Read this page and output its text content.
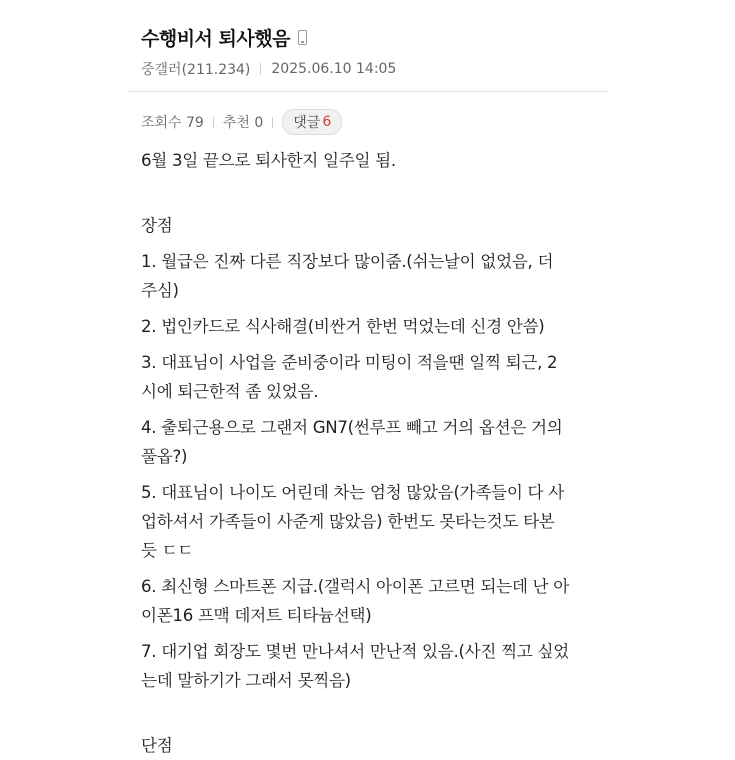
수행비서 퇴사했음
중갤러(211.234) 2025.06.10 14:05
조회수 79 추천 0 댓글 6
6월 3일 끝으로 퇴사한지 일주일 됨.
장점
1. 월급은 진짜 다른 직장보다 많이줌.(쉬는날이 없었음, 더
주심)
2. 법인카드로 식사해결(비싼거 한번 먹었는데 신경 안씀)
3. 대표님이 사업을 준비중이라 미팅이 적을땐 일찍 퇴근, 2
시에 퇴근한적 좀 있었음.
4. 출퇴근용으로 그랜저 GN7(썬루프 빼고 거의 옵션은 거의
풀옵?)
5. 대표님이 나이도 어린데 차는 엄청 많았음(가족들이 다 사
업하셔서 가족들이 사준게 많았음) 한번도 못타는것도 타본
듯 ㄷㄷ
6. 최신형 스마트폰 지급.(갤럭시 아이폰 고르면 되는데 난 아
이폰16 프맥 데저트 티타늄선택)
7. 대기업 회장도 몇번 만나셔서 만난적 있음.(사진 찍고 싶었
는데 말하기가 그래서 못찍음)
단점
